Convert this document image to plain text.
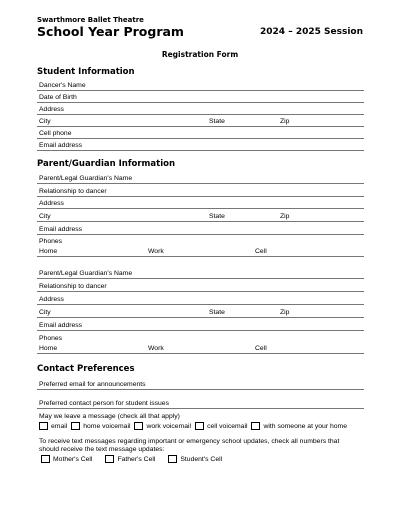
Swarthmore Ballet Theatre
School Year Program	2024 – 2025 Session
Registration Form
Student Information
Dancer's Name
Date of Birth
Address
City	State	Zip
Cell phone
Email address
Parent/Guardian Information
Parent/Legal Guardian's Name
Relationship to dancer
Address
City	State	Zip
Email address
Phones
Home	Work	Cell
Parent/Legal Guardian's Name
Relationship to dancer
Address
City	State	Zip
Email address
Phones
Home	Work	Cell
Contact Preferences
Preferred email for announcements
Preferred contact person for student issues
May we leave a message (check all that apply)
email home voicemail work voicemail cell voicemail with someone at your home
To receive text messages regarding important or emergency school updates, check all numbers that
should receive the text message updates:
Mother's Cell	Father's Cell	Student's Cell
